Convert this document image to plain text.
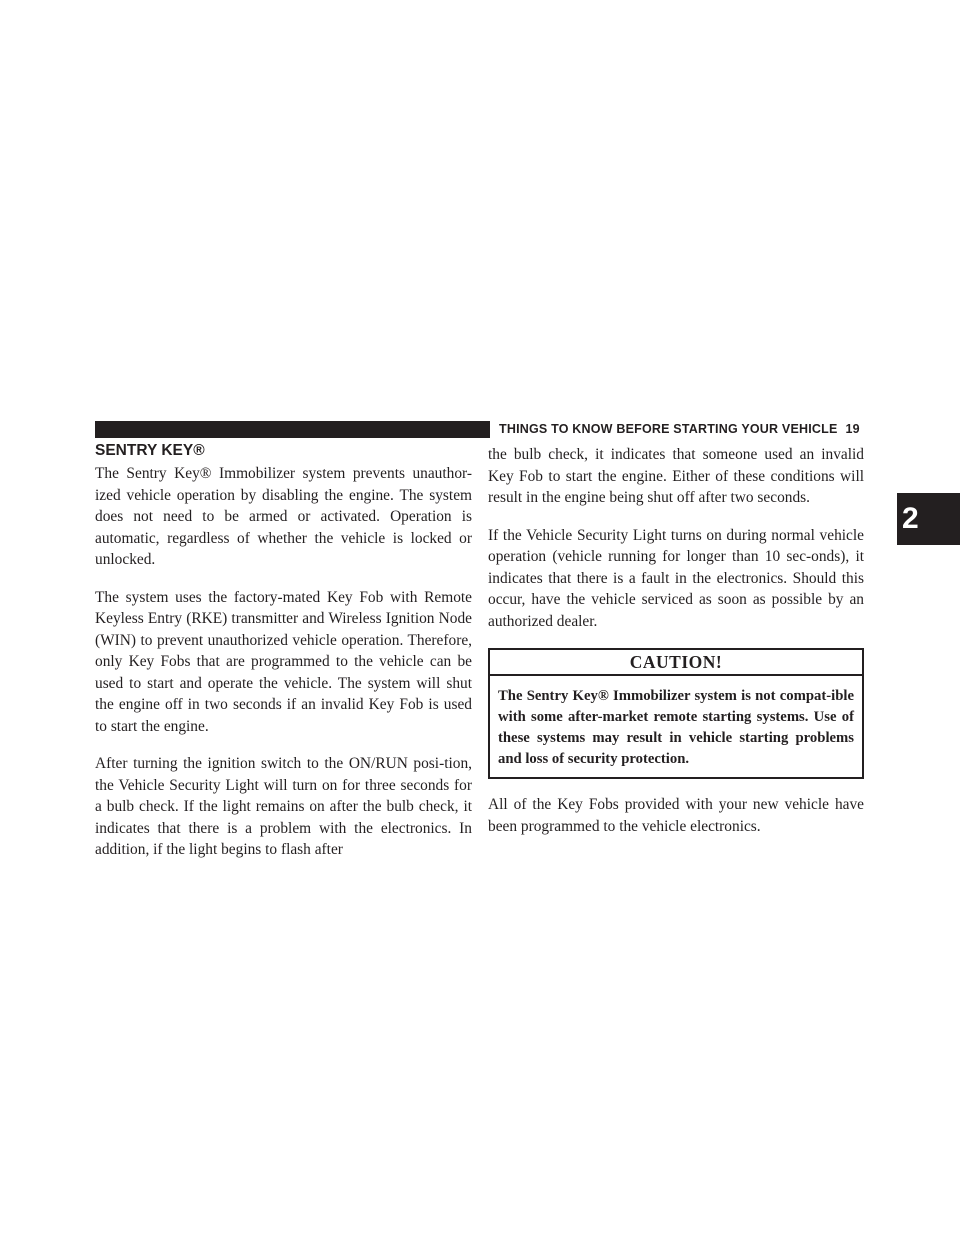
THINGS TO KNOW BEFORE STARTING YOUR VEHICLE 19
2
SENTRY KEY®

The Sentry Key® Immobilizer system prevents unauthor-ized vehicle operation by disabling the engine. The system does not need to be armed or activated. Operation is automatic, regardless of whether the vehicle is locked or unlocked.

The system uses the factory-mated Key Fob with Remote Keyless Entry (RKE) transmitter and Wireless Ignition Node (WIN) to prevent unauthorized vehicle operation. Therefore, only Key Fobs that are programmed to the vehicle can be used to start and operate the vehicle. The system will shut the engine off in two seconds if an invalid Key Fob is used to start the engine.

After turning the ignition switch to the ON/RUN posi-tion, the Vehicle Security Light will turn on for three seconds for a bulb check. If the light remains on after the bulb check, it indicates that there is a problem with the electronics. In addition, if the light begins to flash after

the bulb check, it indicates that someone used an invalid Key Fob to start the engine. Either of these conditions will result in the engine being shut off after two seconds.

If the Vehicle Security Light turns on during normal vehicle operation (vehicle running for longer than 10 sec-onds), it indicates that there is a fault in the electronics. Should this occur, have the vehicle serviced as soon as possible by an authorized dealer.

CAUTION!
The Sentry Key® Immobilizer system is not compat-ible with some after-market remote starting systems. Use of these systems may result in vehicle starting problems and loss of security protection.

All of the Key Fobs provided with your new vehicle have been programmed to the vehicle electronics.
